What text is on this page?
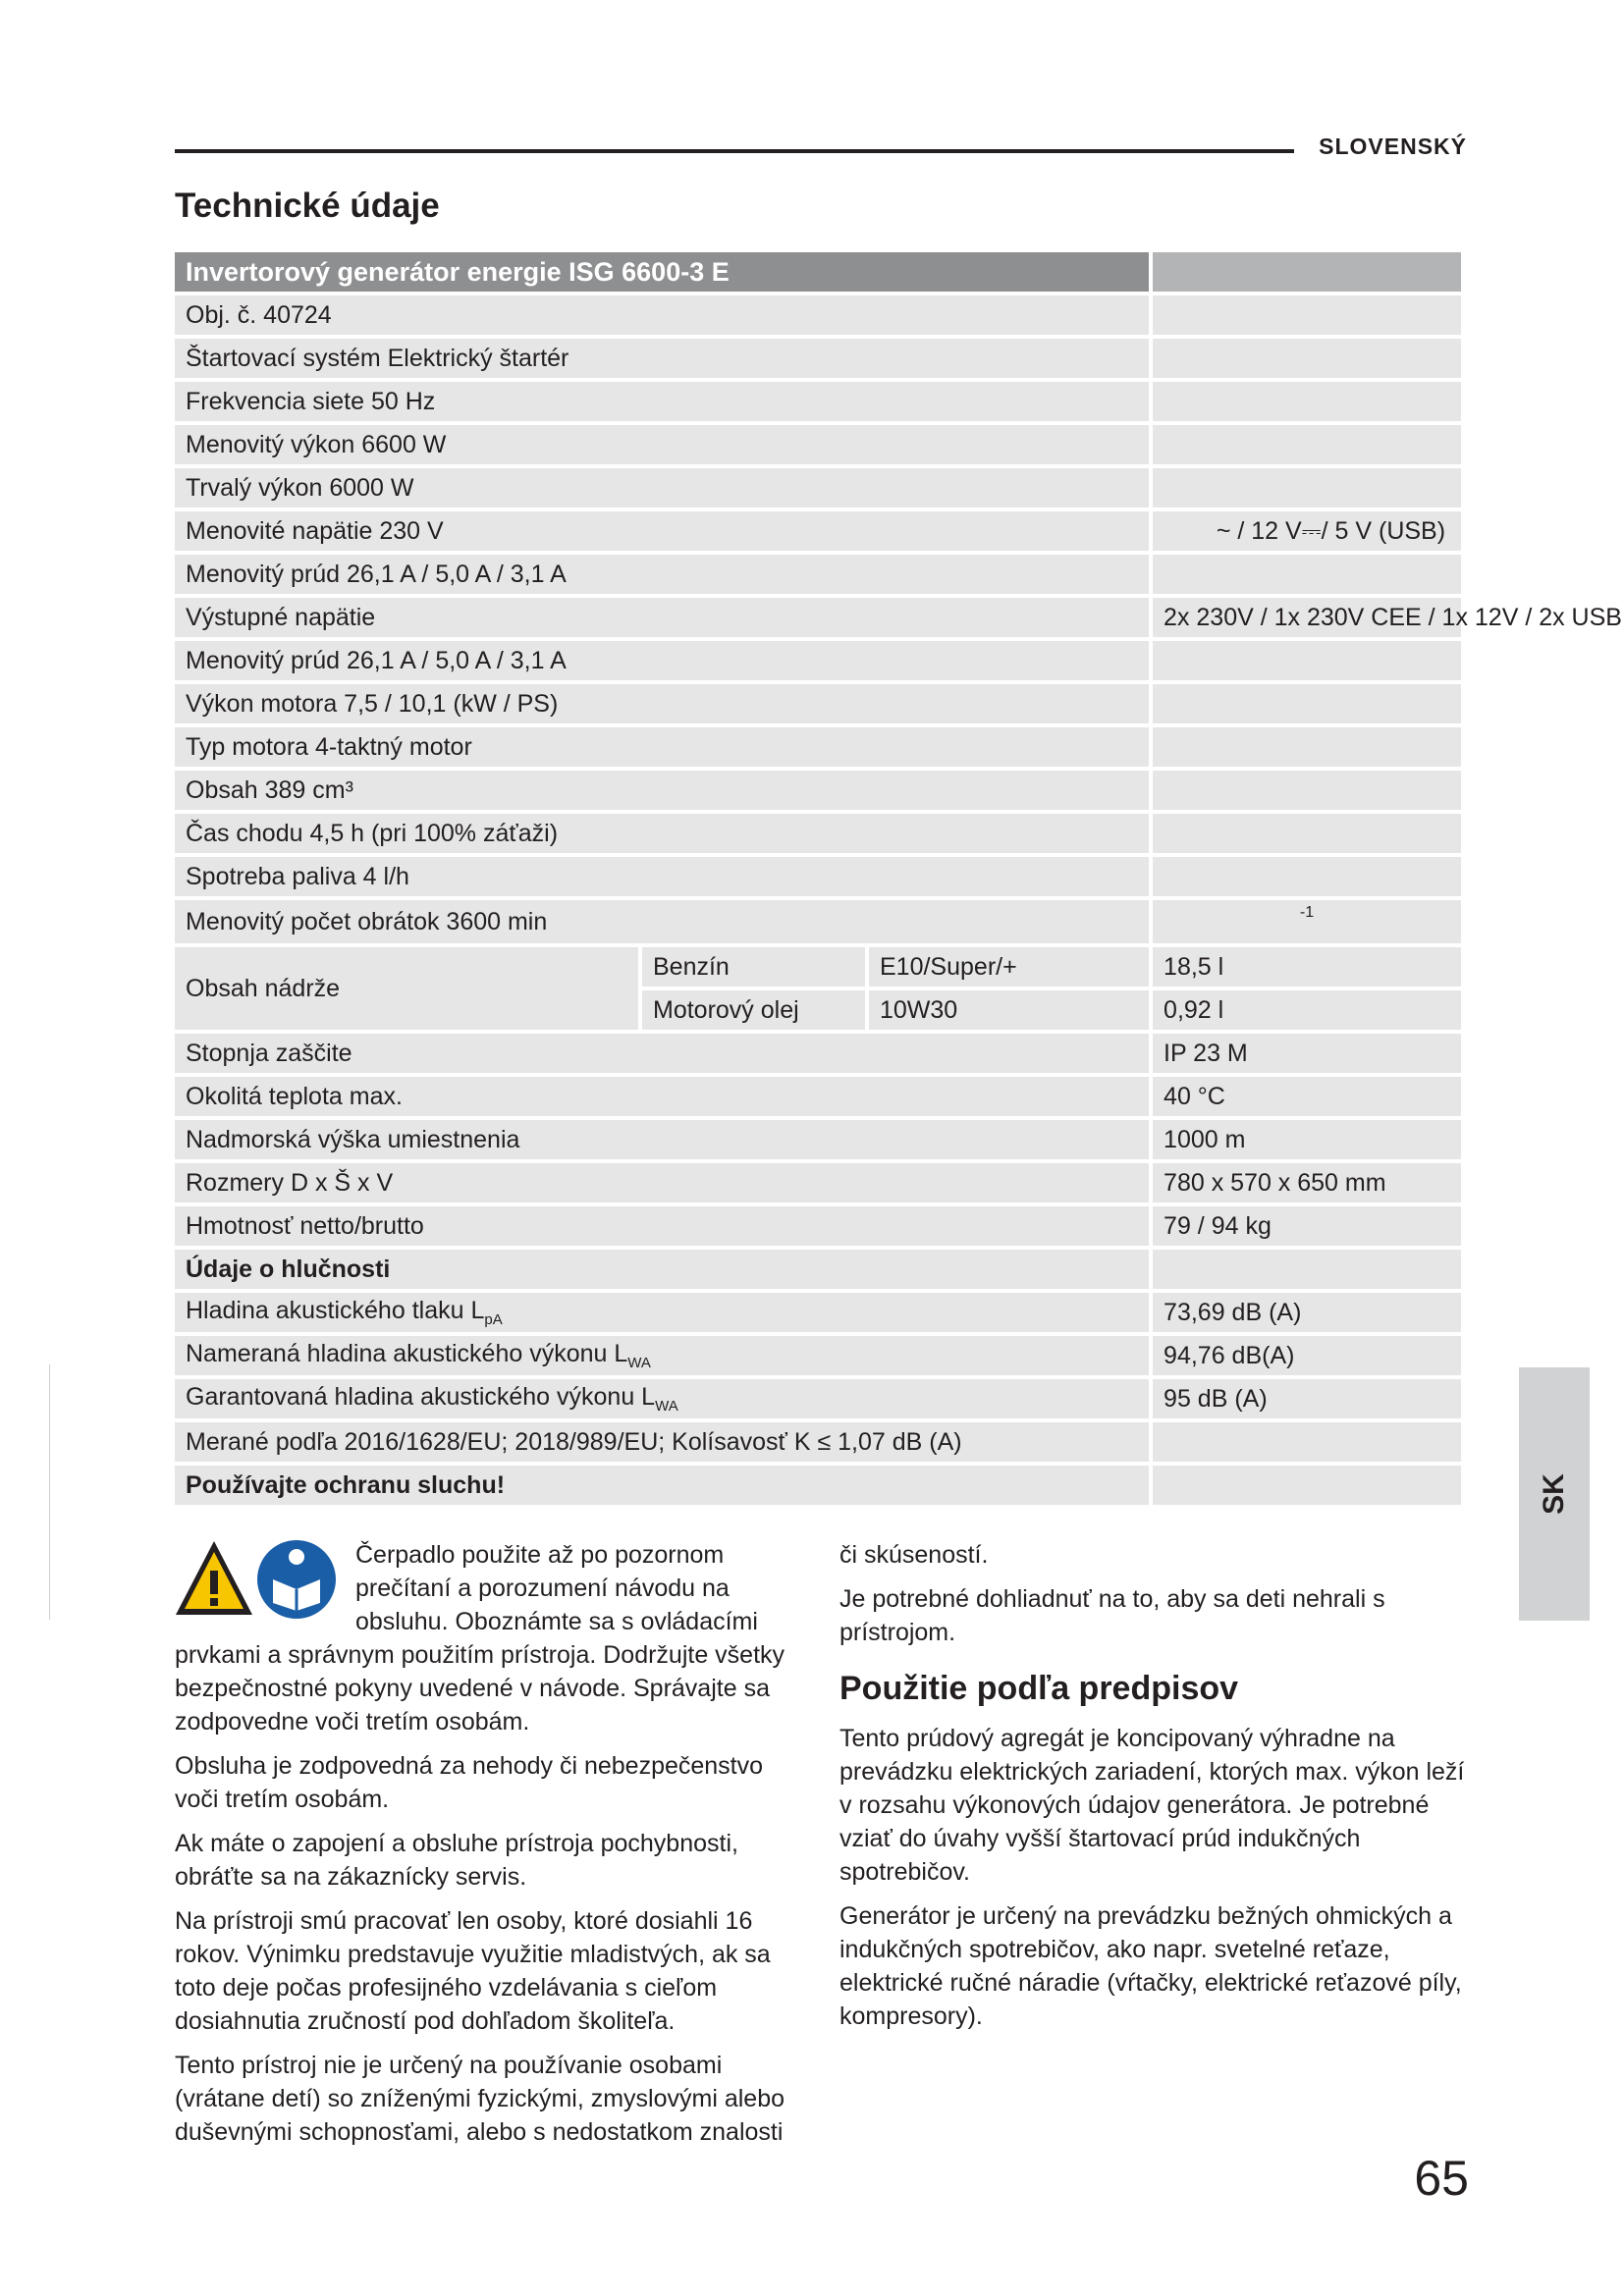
SLOVENSKÝ
Technické údaje
Invertorový generátor energie ISG 6600-3 E			
Obj. č. 40724			
Štartovací systém Elektrický štartér			
Frekvencia siete 50 Hz			
Menovitý výkon 6600 W			
Trvalý výkon 6000 W			
Menovité napätie 230 V			~ / 12 V⎓/ 5 V (USB)
Menovitý prúd 26,1 A / 5,0 A / 3,1 A			
Výstupné napätie			2x 230V / 1x 230V CEE / 1x 12V / 2x USB
Menovitý prúd 26,1 A / 5,0 A / 3,1 A			
Výkon motora 7,5 / 10,1 (kW / PS)			
Typ motora 4-taktný motor			
Obsah 389 cm³			
Čas chodu 4,5 h (pri 100% záťaži)			
Spotreba paliva 4 l/h			
Menovitý počet obrátok 3600 min			-1
Obsah nádrže	Benzín	E10/Super/+	18,5 l
	Motorový olej	10W30	0,92 l
Stopnja zaščite			IP 23 M
Okolitá teplota max.			40 °C
Nadmorská výška umiestnenia			1000 m
Rozmery D x Š x V			780 x 570 x 650 mm
Hmotnosť netto/brutto			79 / 94 kg
Údaje o hlučnosti			
Hladina akustického tlaku $L_{pA}$			73,69 dB (A)
Nameraná hladina akustického výkonu $L_{WA}$			94,76 dB(A)
Garantovaná hladina akustického výkonu $L_{WA}$			95 dB (A)
Merané podľa 2016/1628/EU; 2018/989/EU; Kolísavosť K ≤ 1,07 dB (A)			
Používajte ochranu sluchu!				SK

Čerpadlo použite až po pozornom prečítaní a porozumení návodu na obsluhu. Oboznámte sa s ovládacími prvkami a správnym použitím prístroja. Dodržujte všetky bezpečnostné pokyny uvedené v návode. Správajte sa zodpovedne voči tretím osobám.

Obsluha je zodpovedná za nehody či nebezpečenstvo voči tretím osobám.

Ak máte o zapojení a obsluhe prístroja pochybnosti, obráťte sa na zákaznícky servis.

Na prístroji smú pracovať len osoby, ktoré dosiahli 16 rokov. Výnimku predstavuje využitie mladistvých, ak sa toto deje počas profesijného vzdelávania s cieľom dosiahnutia zručností pod dohľadom školiteľa.

Tento prístroj nie je určený na používanie osobami (vrátane detí) so zníženými fyzickými, zmyslovými alebo duševnými schopnosťami, alebo s nedostatkom znalosti

či skúseností.

Je potrebné dohliadnuť na to, aby sa deti nehrali s prístrojom.

Použitie podľa predpisov

Tento prúdový agregát je koncipovaný výhradne na prevádzku elektrických zariadení, ktorých max. výkon leží v rozsahu výkonových údajov generátora. Je potrebné vziať do úvahy vyšší štartovací prúd indukčných spotrebičov.

Generátor je určený na prevádzku bežných ohmických a indukčných spotrebičov, ako napr. svetelné reťaze, elektrické ručné náradie (vŕtačky, elektrické reťazové píly, kompresory).

65
